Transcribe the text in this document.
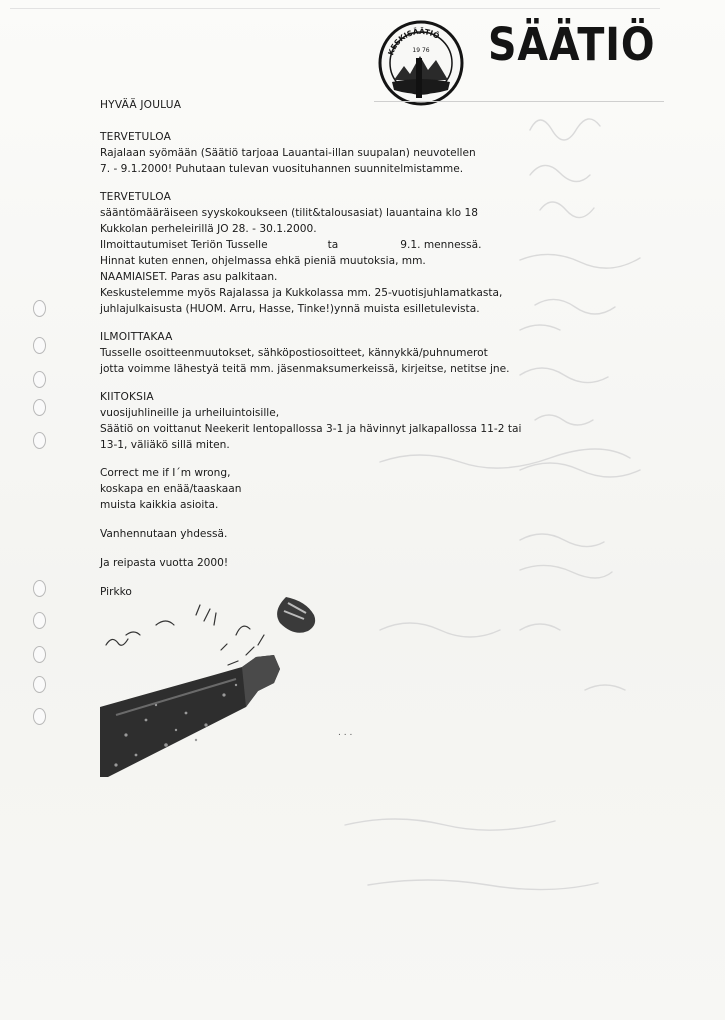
KESKISÄÄTIÖ
19 76 SÄÄTIÖ
HYVÄÄ JOULUA
TERVETULOA
Rajalaan syömään (Säätiö tarjoaa Lauantai-illan suupalan) neuvotellen
7. - 9.1.2000! Puhutaan tulevan vuosituhannen suunnitelmistamme.
TERVETULOA
sääntömääräiseen syyskokoukseen (tilit&talousasiat) lauantaina klo 18
Kukkolan perheleirillä JO 28. - 30.1.2000.
Ilmoittautumiset Teriön Tusselle	ta	9.1. mennessä.
Hinnat kuten ennen, ohjelmassa ehkä pieniä muutoksia, mm.
NAAMIAISET. Paras asu palkitaan.
Keskustelemme myös Rajalassa ja Kukkolassa mm. 25-vuotisjuhlamatkasta,
juhlajulkaisusta (HUOM. Arru, Hasse, Tinke!)ynnä muista esilletulevista.
ILMOITTAKAA
Tusselle osoitteenmuutokset, sähköpostiosoitteet, kännykkä/puhnumerot
jotta voimme lähestyä teitä mm. jäsenmaksumerkeissä, kirjeitse, netitse jne.
KIITOKSIA
vuosijuhlineille ja urheiluintoisille,
Säätiö on voittanut Neekerit lentopallossa 3-1 ja hävinnyt jalkapallossa 11-2 tai
13-1, väliäkö sillä miten.
Correct me if I´m wrong,
koskapa en enää/taaskaan
muista kaikkia asioita.
Vanhennutaan yhdessä.
Ja reipasta vuotta 2000!
Pirkko
. . .
